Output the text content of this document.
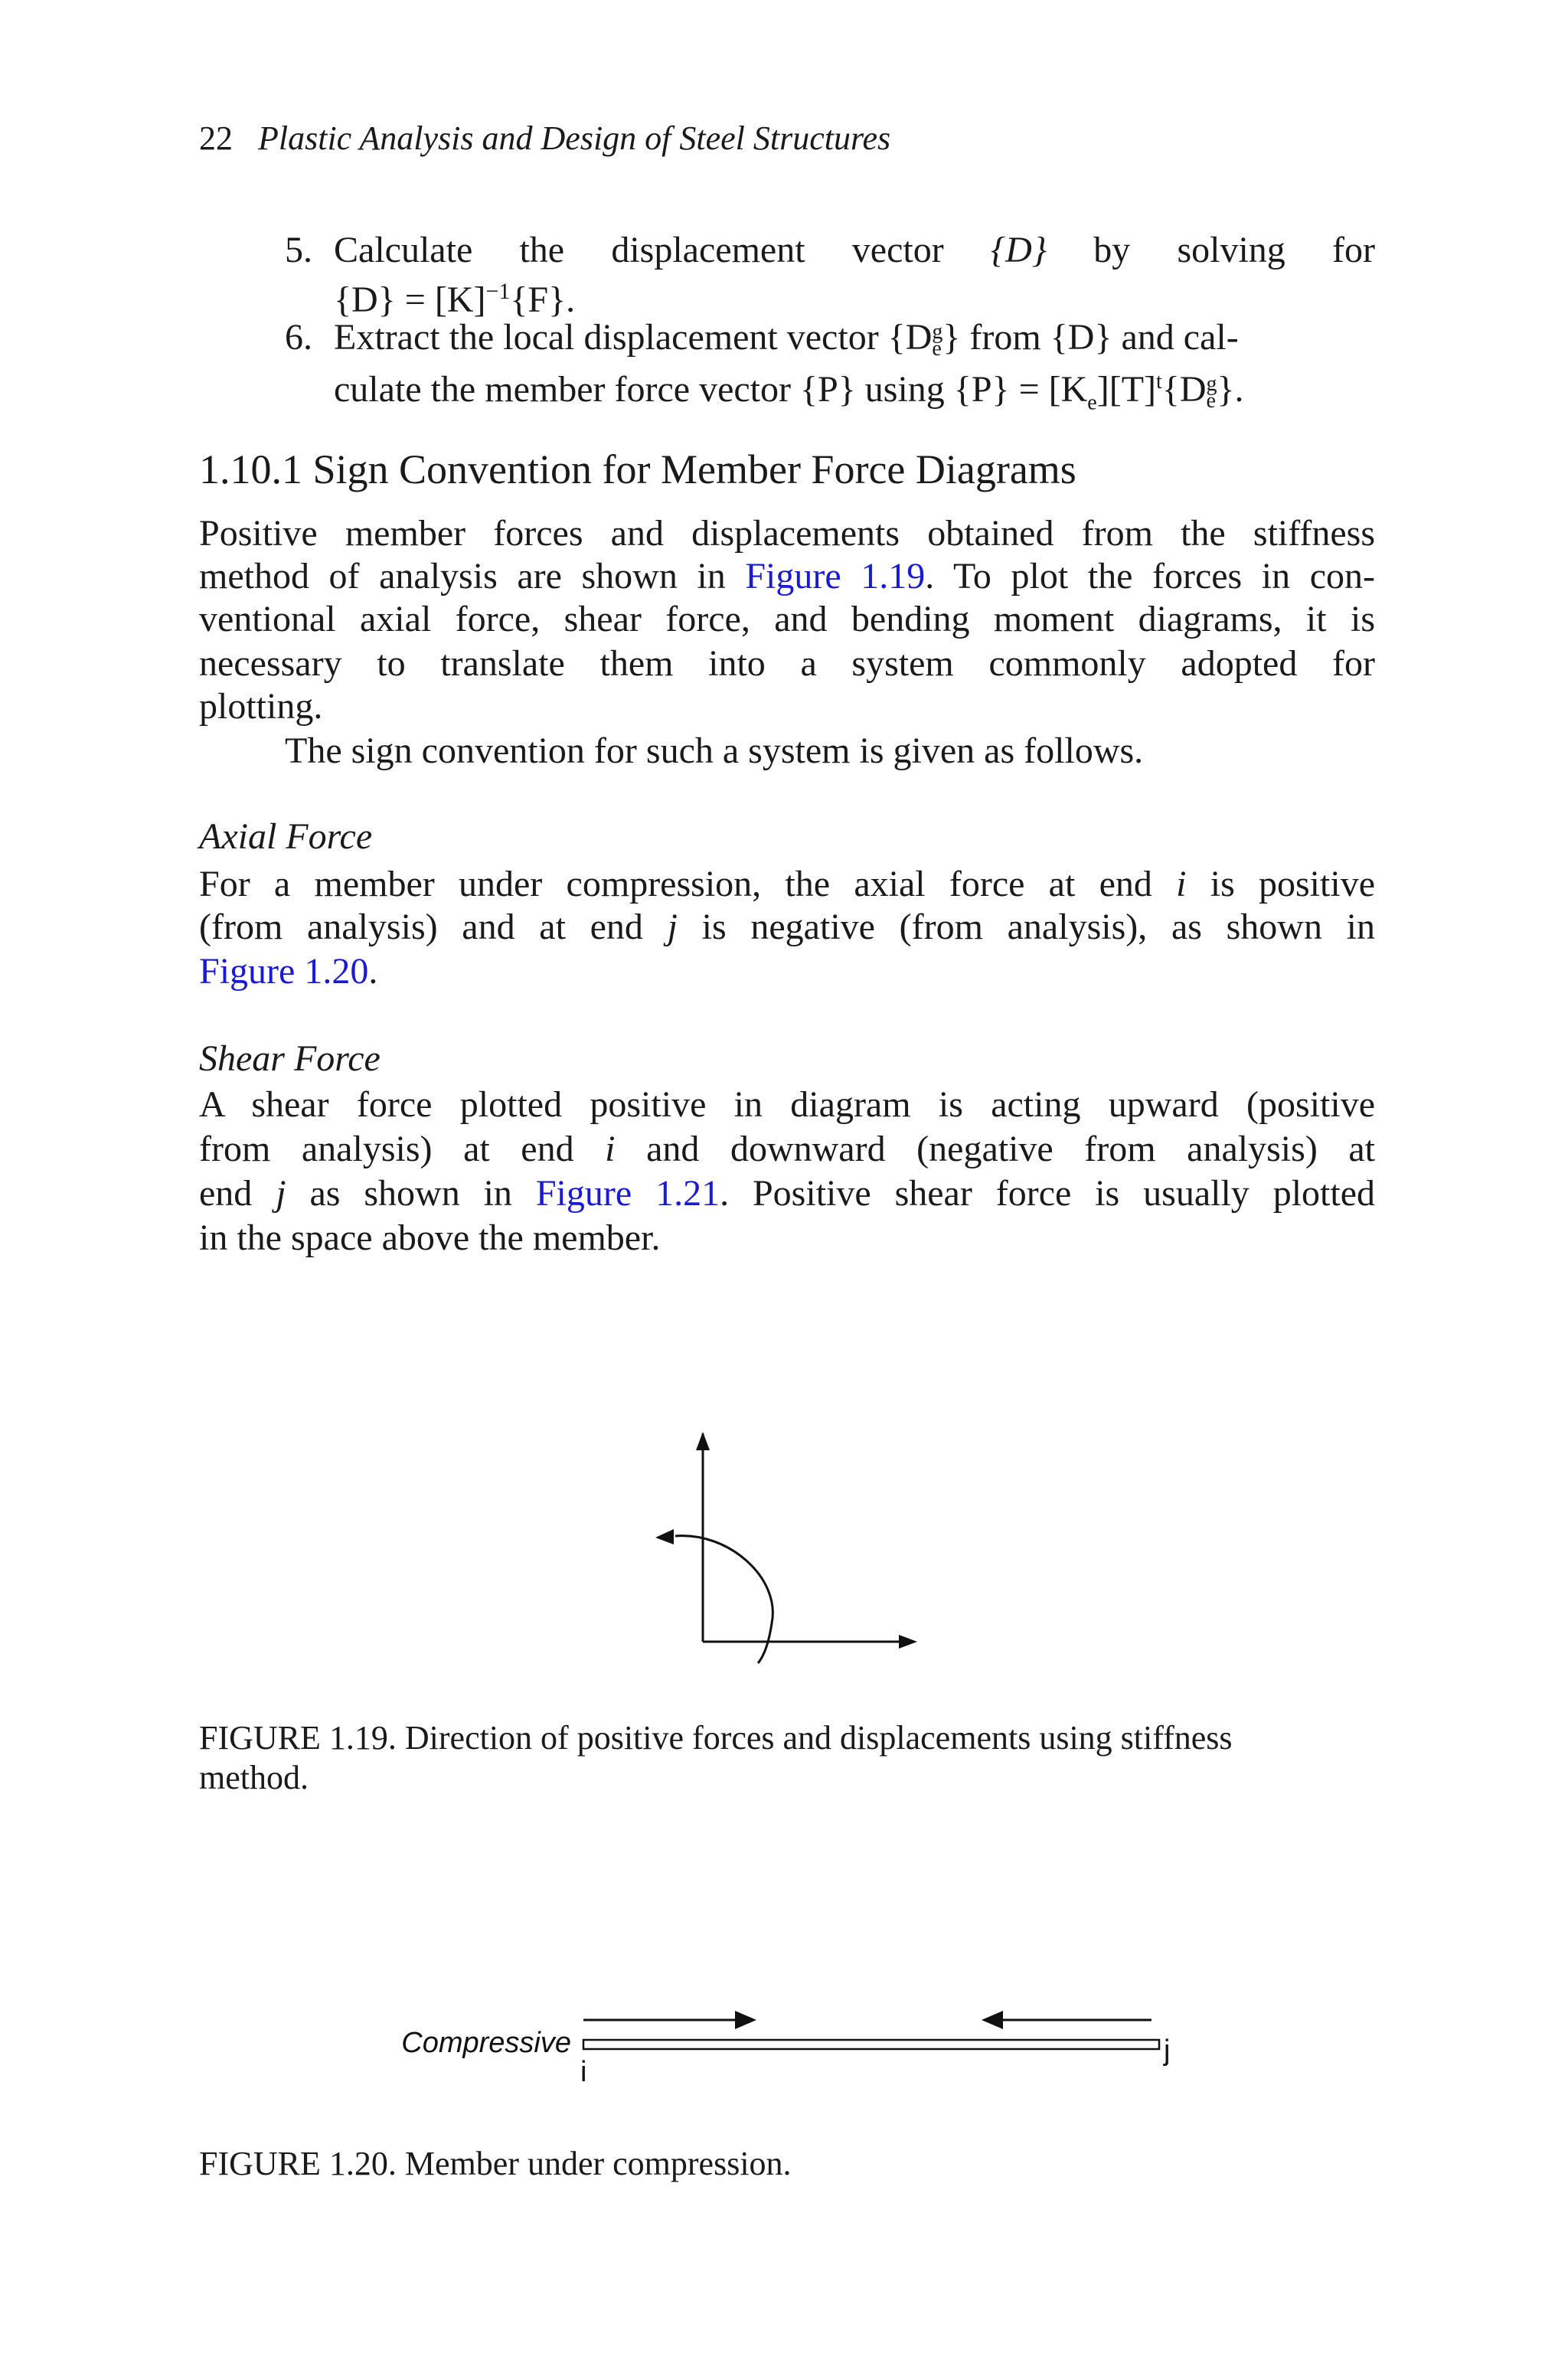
22 Plastic Analysis and Design of Steel Structures
5. Calculate the displacement vector {D} by solving for
$\{D\} = [K]^{-1}\{F\}$.
6. Extract the local displacement vector {D g
e } from {D} and cal-
culate the member force vector {P} using $\{P\} = [K_e][T]^t\{D$ g
e }.
1.10.1 Sign Convention for Member Force Diagrams
Positive member forces and displacements obtained from the stiffness
method of analysis are shown in Figure 1.19. To plot the forces in con-
ventional axial force, shear force, and bending moment diagrams, it is
necessary to translate them into a system commonly adopted for
plotting.
The sign convention for such a system is given as follows.
Axial Force
For a member under compression, the axial force at end i is positive
(from analysis) and at end j is negative (from analysis), as shown in
Figure 1.20.
Shear Force
A shear force plotted positive in diagram is acting upward (positive
from analysis) at end i and downward (negative from analysis) at
end j as shown in Figure 1.21. Positive shear force is usually plotted
in the space above the member.
FIGURE 1.19. Direction of positive forces and displacements using stiffness
method.
Compressive
i
j
FIGURE 1.20. Member under compression.
